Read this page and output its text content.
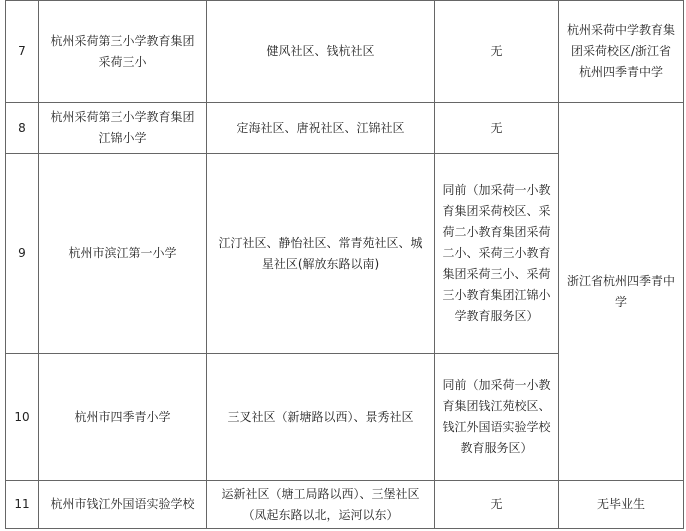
7	杭州采荷第三小学教育集团采荷三小	健风社区、钱杭社区	无	杭州采荷中学教育集团采荷校区/浙江省杭州四季青中学
8	杭州采荷第三小学教育集团江锦小学	定海社区、唐祝社区、江锦社区	无	浙江省杭州四季青中学
9	杭州市滨江第一小学	江汀社区、静怡社区、常青苑社区、城星社区(解放东路以南)	同前（加采荷一小教育集团采荷校区、采荷二小教育集团采荷二小、采荷三小教育集团采荷三小、采荷三小教育集团江锦小学教育服务区）	
10	杭州市四季青小学	三叉社区（新塘路以西）、景秀社区	同前（加采荷一小教育集团钱江苑校区、钱江外国语实验学校教育服务区）	
11	杭州市钱江外国语实验学校	运新社区（塘工局路以西）、三堡社区（凤起东路以北，运河以东）	无	无毕业生
